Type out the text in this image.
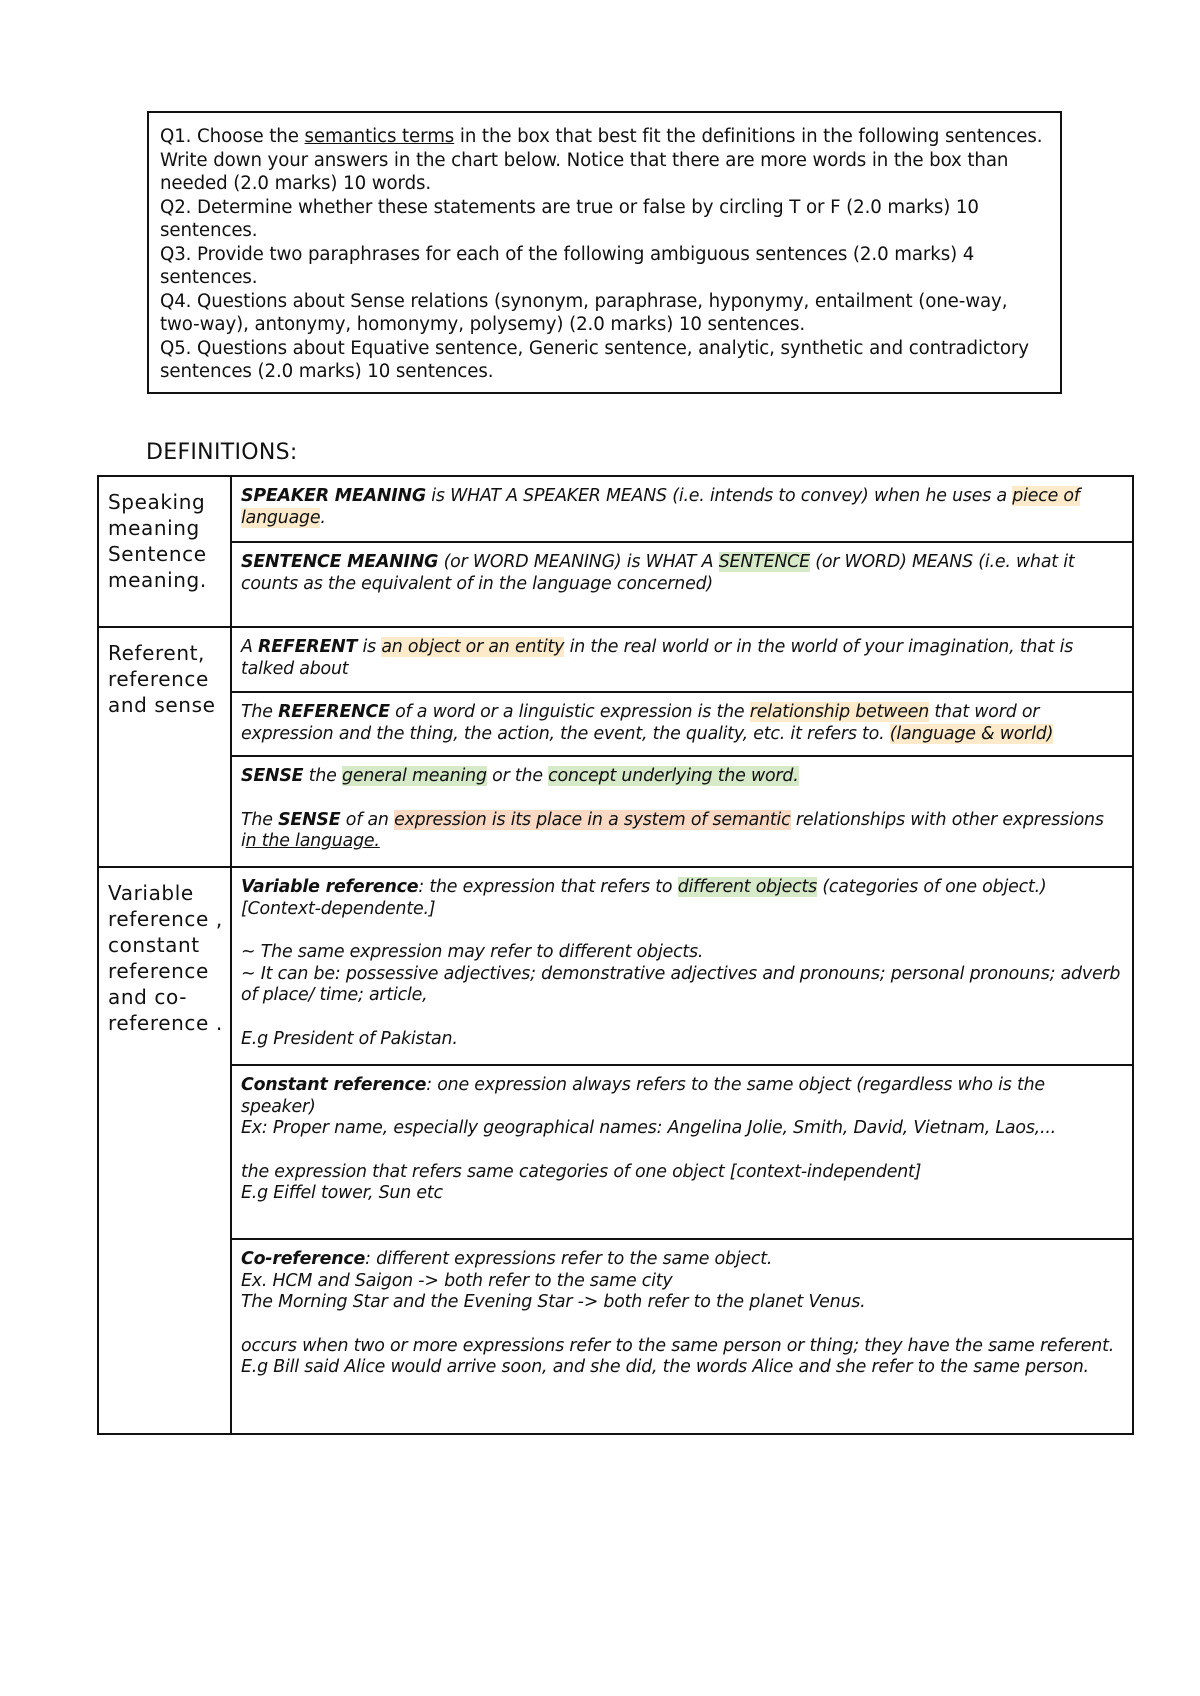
Q1. Choose the semantics terms in the box that best fit the definitions in the following sentences. Write down your answers in the chart below. Notice that there are more words in the box than needed (2.0 marks) 10 words.

Q2. Determine whether these statements are true or false by circling T or F (2.0 marks) 10 sentences.

Q3. Provide two paraphrases for each of the following ambiguous sentences (2.0 marks) 4 sentences.

Q4. Questions about Sense relations (synonym, paraphrase, hyponymy, entailment (one-way, two-way), antonymy, homonymy, polysemy) (2.0 marks) 10 sentences.

Q5. Questions about Equative sentence, Generic sentence, analytic, synthetic and contradictory sentences (2.0 marks) 10 sentences.

DEFINITIONS:
Speaking meaning Sentence meaning.	SPEAKER MEANING is WHAT A SPEAKER MEANS (i.e. intends to convey) when he uses a piece of language.

	SENTENCE MEANING (or WORD MEANING) is WHAT A SENTENCE (or WORD) MEANS (i.e. what it counts as the equivalent of in the language concerned)

Referent, reference and sense	A REFERENT is an object or an entity in the real world or in the world of your imagination, that is talked about

	The REFERENCE of a word or a linguistic expression is the relationship between that word or expression and the thing, the action, the event, the quality, etc. it refers to. (language & world)

	SENSE the general meaning or the concept underlying the word.

The SENSE of an expression is its place in a system of semantic relationships with other expressions in the language.

Variable reference , constant reference and co-reference .	Variable reference: the expression that refers to different objects (categories of one object.) [Context-dependente.]

~ The same expression may refer to different objects.

~ It can be: possessive adjectives; demonstrative adjectives and pronouns; personal pronouns; adverb of place/ time; article,

E.g President of Pakistan.

	Constant reference: one expression always refers to the same object (regardless who is the speaker)

Ex: Proper name, especially geographical names: Angelina Jolie, Smith, David, Vietnam, Laos,...

the expression that refers same categories of one object [context-independent]

E.g Eiffel tower, Sun etc

	Co-reference: different expressions refer to the same object.

Ex. HCM and Saigon -> both refer to the same city

The Morning Star and the Evening Star -> both refer to the planet Venus.

occurs when two or more expressions refer to the same person or thing; they have the same referent.

E.g Bill said Alice would arrive soon, and she did, the words Alice and she refer to the same person.
